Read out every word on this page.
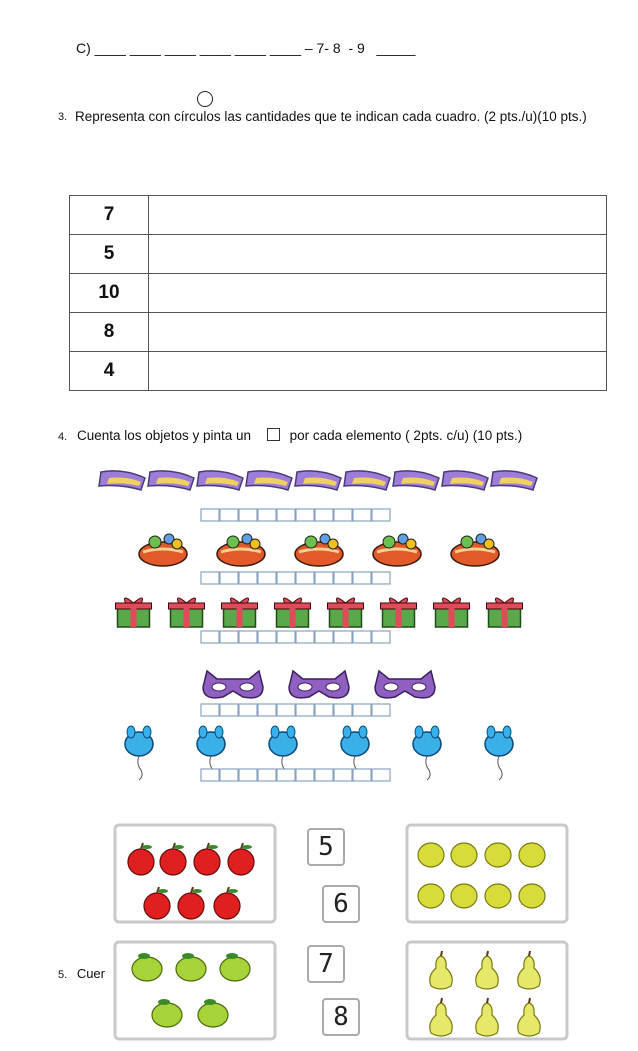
C) ____ ____ ____ ____ ____ ____ – 7- 8  - 9   _____
3. Representa con círculos las cantidades que te indican cada cuadro. (2 pts./u)(10 pts.)
7	
5	
10	
8	
4	
4. Cuenta los objetos y pinta un	por cada elemento ( 2pts. c/u) (10 pts.)
5
6
7
8
5. Cuer
